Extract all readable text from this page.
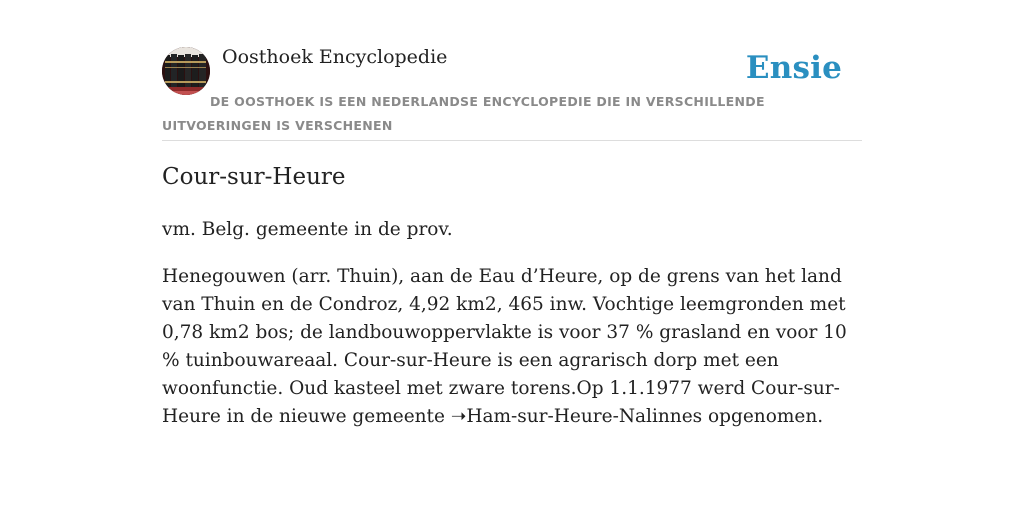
Oosthoek Encyclopedie	Ensie
DE OOSTHOEK IS EEN NEDERLANDSE ENCYCLOPEDIE DIE IN VERSCHILLENDE UITVOERINGEN IS VERSCHENEN
Cour-sur-Heure

vm. Belg. gemeente in de prov.

Henegouwen (arr. Thuin), aan de Eau d’Heure, op de grens van het land van Thuin en de Condroz, 4,92 km2, 465 inw. Vochtige leemgronden met 0,78 km2 bos; de landbouwoppervlakte is voor 37 % grasland en voor 10 % tuinbouwareaal. Cour-sur-Heure is een agrarisch dorp met een woonfunctie. Oud kasteel met zware torens.Op 1.1.1977 werd Cour-sur-Heure in de nieuwe gemeente ➝Ham-sur-Heure-Nalinnes opgenomen.
